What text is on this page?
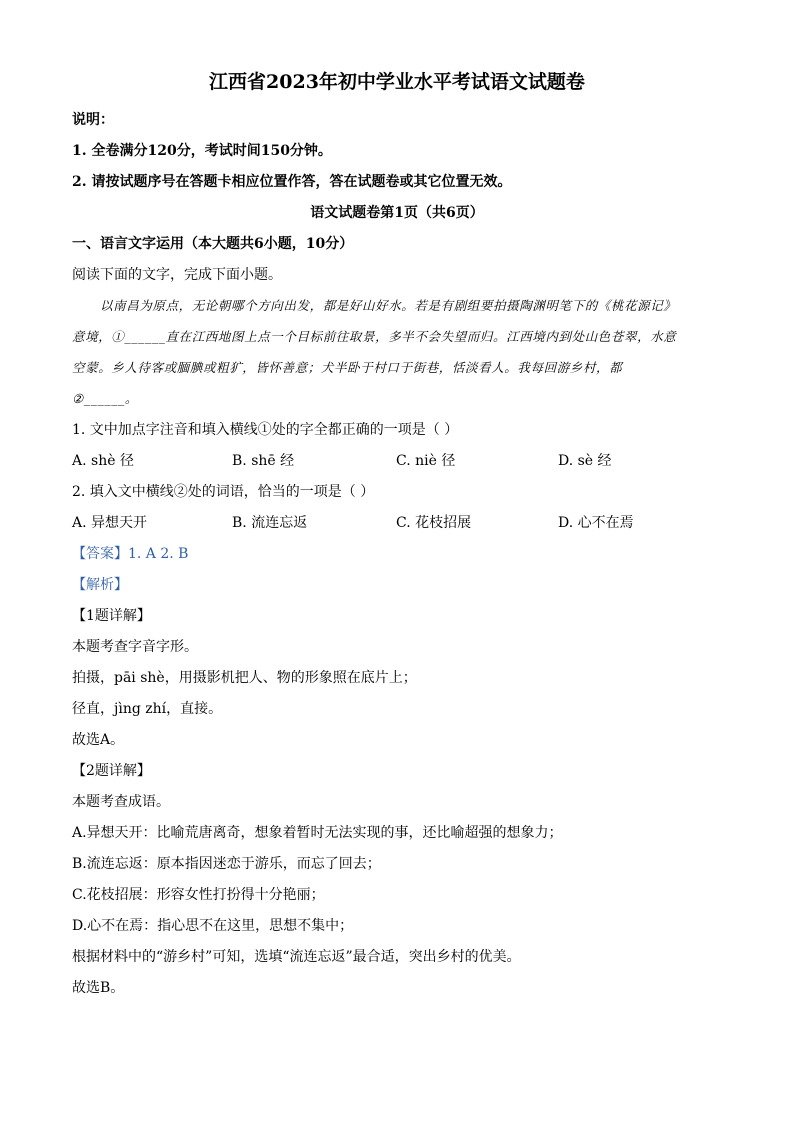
江西省2023年初中学业水平考试语文试题卷
说明：
1. 全卷满分120分，考试时间150分钟。
2. 请按试题序号在答题卡相应位置作答，答在试题卷或其它位置无效。
语文试题卷第1页（共6页）
一、语言文字运用（本大题共6小题，10分）
阅读下面的文字，完成下面小题。
以南昌为原点，无论朝哪个方向出发，都是好山好水。若是有剧组要拍摄陶渊明笔下的《桃花源记》
意境，①______直在江西地图上点一个目标前往取景，多半不会失望而归。江西境内到处山色苍翠，水意
空蒙。乡人待客或腼腆或粗犷，皆怀善意；犬半卧于村口于街巷，恬淡看人。我每回游乡村，都
②______。
1. 文中加点字注音和填入横线①处的字全都正确的一项是（ ）
A. shè 径	B. shē 经	C. niè 径	D. sè 经
2. 填入文中横线②处的词语，恰当的一项是（ ）
A. 异想天开	B. 流连忘返	C. 花枝招展	D. 心不在焉
【答案】1. A 2. B
【解析】
【1题详解】
本题考查字音字形。
拍摄，pāi shè，用摄影机把人、物的形象照在底片上；
径直，jìng zhí，直接。
故选A。
【2题详解】
本题考查成语。
A.异想天开：比喻荒唐离奇，想象着暂时无法实现的事，还比喻超强的想象力；
B.流连忘返：原本指因迷恋于游乐，而忘了回去；
C.花枝招展：形容女性打扮得十分艳丽；
D.心不在焉：指心思不在这里，思想不集中；
根据材料中的“游乡村”可知，选填“流连忘返”最合适，突出乡村的优美。
故选B。
